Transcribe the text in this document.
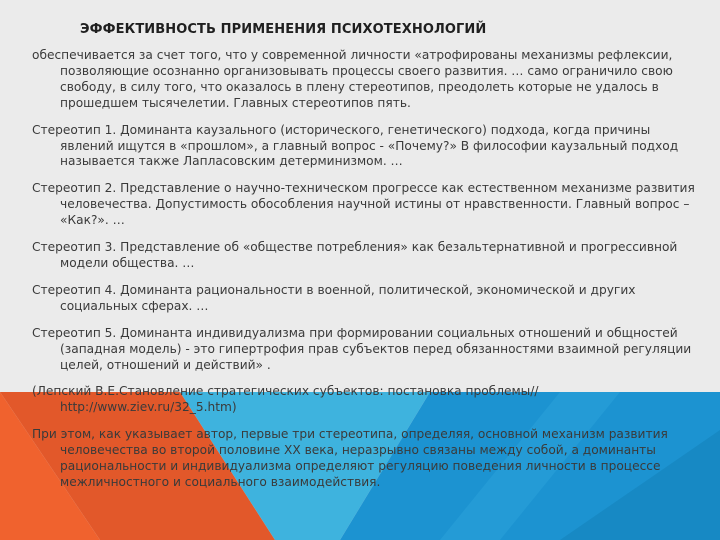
ЭФФЕКТИВНОСТЬ ПРИМЕНЕНИЯ ПСИХОТЕХНОЛОГИЙ

обеспечивается за счет того, что у современной личности «атрофированы механизмы рефлексии, позволяющие осознанно организовывать процессы своего развития. … само ограничило свою свободу, в силу того, что оказалось в плену стереотипов, преодолеть которые не удалось в прошедшем тысячелетии. Главных стереотипов пять.

Стереотип 1. Доминанта каузального (исторического, генетического) подхода, когда причины явлений ищутся в «прошлом», а главный вопрос - «Почему?» В философии каузальный подход называется также Лапласовским детерминизмом. …

Стереотип 2. Представление о научно-техническом прогрессе как естественном механизме развития человечества. Допустимость обособления научной истины от нравственности. Главный вопрос – «Как?». …

Стереотип 3. Представление об «обществе потребления» как безальтернативной и прогрессивной модели общества. …

Стереотип 4. Доминанта рациональности в военной, политической, экономической и других социальных сферах. …

Стереотип 5. Доминанта индивидуализма при формировании социальных отношений и общностей (западная модель) - это гипертрофия прав субъектов перед обязанностями взаимной регуляции целей, отношений и действий» .

(Лепский В.Е.Становление стратегических субъектов: постановка проблемы// http://www.ziev.ru/32_5.htm)

При этом, как указывает автор, первые три стереотипа, определяя, основной механизм развития человечества во второй половине XX века, неразрывно связаны между собой, а доминанты рациональности и индивидуализма определяют регуляцию поведения личности в процессе межличностного и социального взаимодействия.
